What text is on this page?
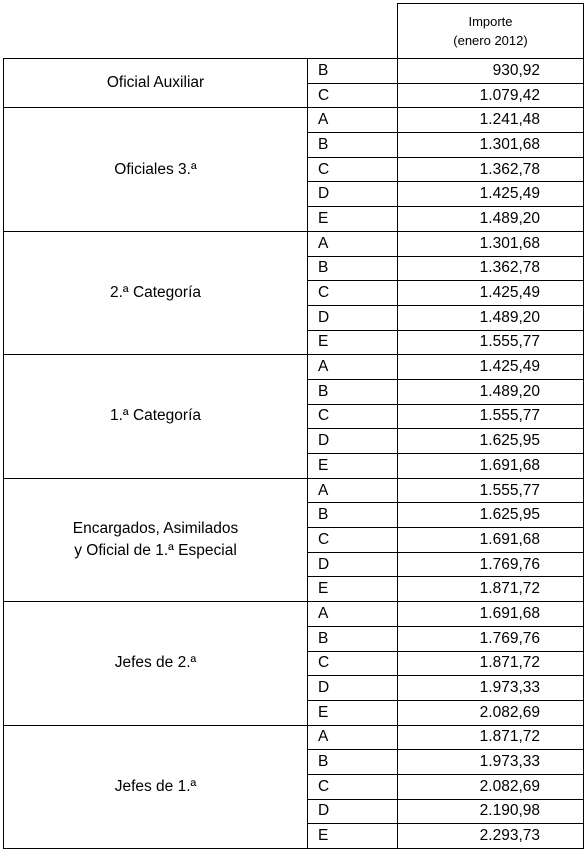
		Importe
(enero 2012)

Oficial Auxiliar	B	930,92
	C	1.079,42

Oficiales 3.ª	A	1.241,48
	B	1.301,68
	C	1.362,78
	D	1.425,49
	E	1.489,20

2.ª Categoría	A	1.301,68
	B	1.362,78
	C	1.425,49
	D	1.489,20
	E	1.555,77

1.ª Categoría	A	1.425,49
	B	1.489,20
	C	1.555,77
	D	1.625,95
	E	1.691,68

Encargados, Asimilados
y Oficial de 1.ª Especial	A	1.555,77
	B	1.625,95
	C	1.691,68
	D	1.769,76
	E	1.871,72

Jefes de 2.ª	A	1.691,68
	B	1.769,76
	C	1.871,72
	D	1.973,33
	E	2.082,69

Jefes de 1.ª	A	1.871,72
	B	1.973,33
	C	2.082,69
	D	2.190,98
	E	2.293,73
